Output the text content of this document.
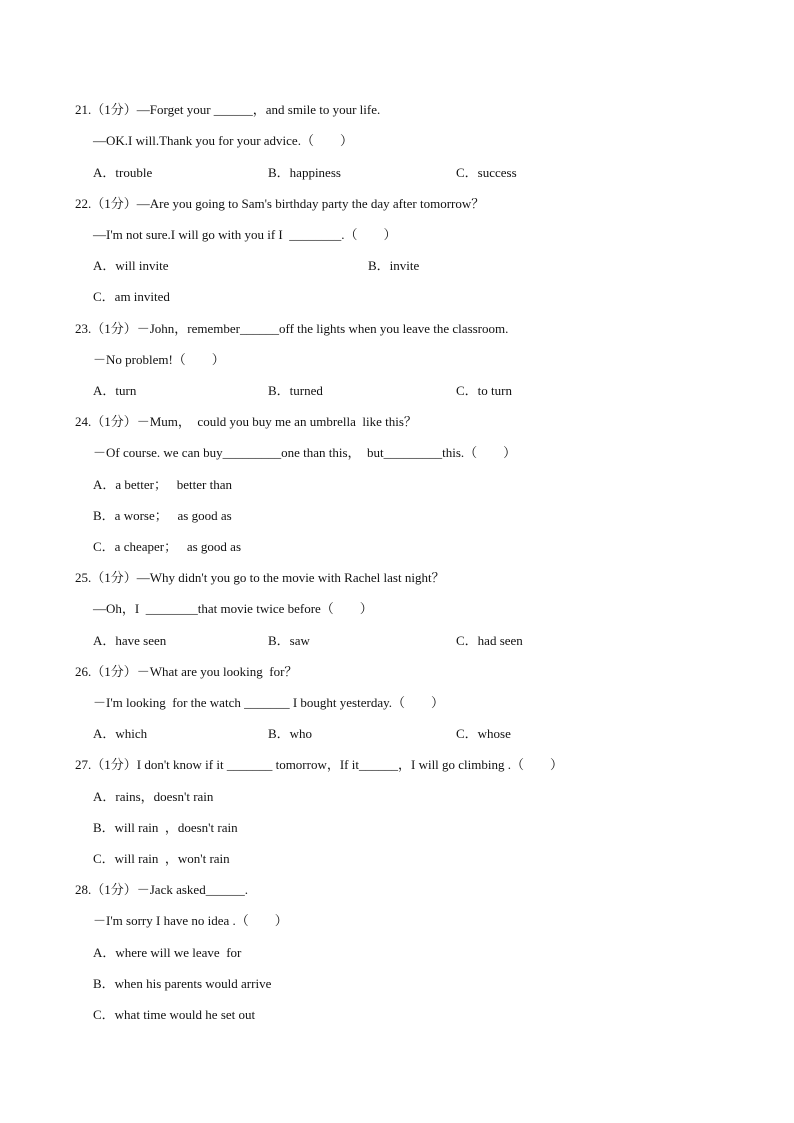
21.（1分）—Forget your ______，and smile to your life.
—OK.I will.Thank you for your advice.（　　）
A．trouble	B．happiness	C．success
22.（1分）—Are you going to Sam's birthday party the day after tomorrow？
—I'm not sure.I will go with you if I  ________.（　　）
A．will invite	B．invite
C．am invited
23.（1分）－John，remember______off the lights when you leave the classroom.
－No problem!（　　）
A．turn	B．turned	C．to turn
24.（1分）－Mum，  could you buy me an umbrella  like this？
－Of course. we can buy_________one than this，  but_________this.（　　）
A．a better；   better than
B．a worse；   as good as
C．a cheaper；   as good as
25.（1分）—Why didn't you go to the movie with Rachel last night？
—Oh，I  ________that movie twice before（　　）
A．have seen	B．saw	C．had seen
26.（1分）－What are you looking  for？
－I'm looking  for the watch _______ I bought yesterday.（　　）
A．which	B．who	C．whose
27.（1分）I don't know if it _______ tomorrow，If it______，I will go climbing .（　　）
A．rains，doesn't rain
B．will rain  ，doesn't rain
C．will rain  ，won't rain
28.（1分）－Jack asked______.
－I'm sorry I have no idea .（　　）
A．where will we leave  for
B．when his parents would arrive
C．what time would he set out
